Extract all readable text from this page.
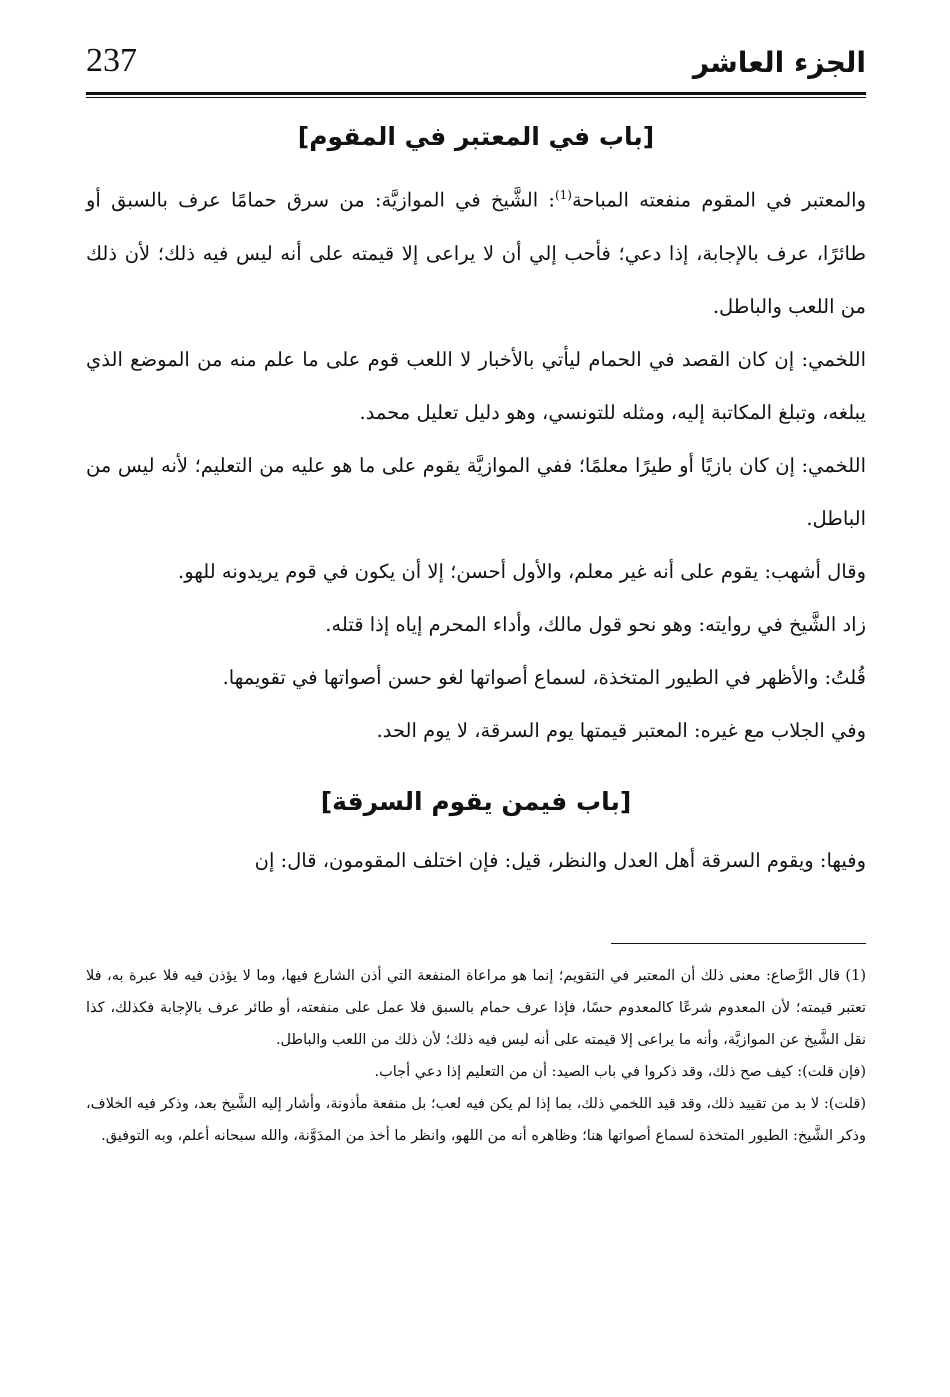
الجزء العاشر
237
[باب في المعتبر في المقوم]

والمعتبر في المقوم منفعته المباحة$^{(1)}$: الشَّيخ في الموازيَّة: من سرق حمامًا عرف بالسبق أو طائرًا، عرف بالإجابة، إذا دعي؛ فأحب إلي أن لا يراعى إلا قيمته على أنه ليس فيه ذلك؛ لأن ذلك من اللعب والباطل.

اللخمي: إن كان القصد في الحمام ليأتي بالأخبار لا اللعب قوم على ما علم منه من الموضع الذي يبلغه، وتبلغ المكاتبة إليه، ومثله للتونسي، وهو دليل تعليل محمد.

اللخمي: إن كان بازيًا أو طيرًا معلمًا؛ ففي الموازيَّة يقوم على ما هو عليه من التعليم؛ لأنه ليس من الباطل.

وقال أشهب: يقوم على أنه غير معلم، والأول أحسن؛ إلا أن يكون في قوم يريدونه للهو.

زاد الشَّيخ في روايته: وهو نحو قول مالك، وأداء المحرم إياه إذا قتله.

قُلتُ: والأظهر في الطيور المتخذة، لسماع أصواتها لغو حسن أصواتها في تقويمها.

وفي الجلاب مع غيره: المعتبر قيمتها يوم السرقة، لا يوم الحد.

[باب فيمن يقوم السرقة]

وفيها: ويقوم السرقة أهل العدل والنظر، قيل: فإن اختلف المقومون، قال: إن

(1) قال الرَّصاع: معنى ذلك أن المعتبر في التقويم؛ إنما هو مراعاة المنفعة التي أذن الشارع فيها، وما لا يؤذن فيه فلا عبرة به، فلا تعتبر قيمته؛ لأن المعدوم شرعًا كالمعدوم حسًا، فإذا عرف حمام بالسبق فلا عمل على منفعته، أو طائر عرف بالإجابة فكذلك، كذا نقل الشَّيخ عن الموازيَّة، وأنه ما يراعى إلا قيمته على أنه ليس فيه ذلك؛ لأن ذلك من اللعب والباطل.

(فإن قلت): كيف صح ذلك، وقد ذكروا في باب الصيد: أن من التعليم إذا دعي أجاب.

(قلت): لا بد من تقييد ذلك، وقد قيد اللخمي ذلك، بما إذا لم يكن فيه لعب؛ بل منفعة مأذونة، وأشار إليه الشَّيخ بعد، وذكر فيه الخلاف، وذكر الشَّيخ: الطيور المتخذة لسماع أصواتها هنا؛ وظاهره أنه من اللهو، وانظر ما أخذ من المدَوَّنة، والله سبحانه أعلم، وبه التوفيق.
